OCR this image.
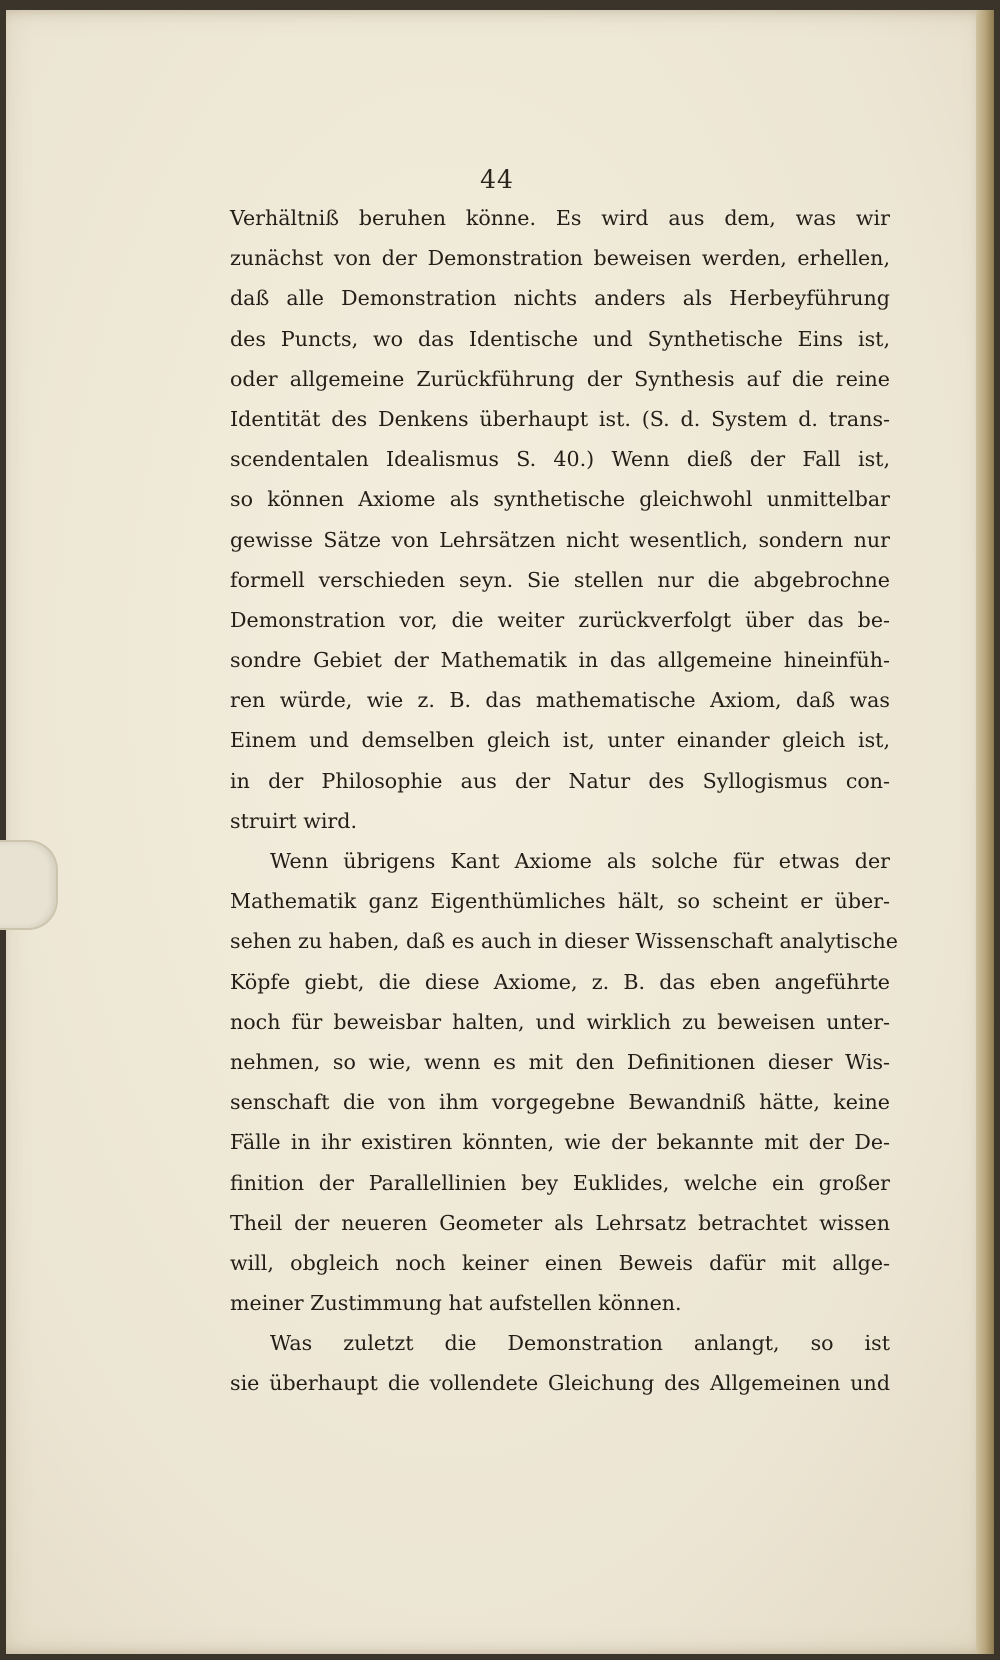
44
Verhältniß beruhen könne. Es wird aus dem, was wir
zunächst von der Demonstration beweisen werden, erhellen,
daß alle Demonstration nichts anders als Herbeyführung
des Puncts, wo das Identische und Synthetische Eins ist,
oder allgemeine Zurückführung der Synthesis auf die reine
Identität des Denkens überhaupt ist. (S. d. System d. trans-
scendentalen Idealismus S. 40.) Wenn dieß der Fall ist,
so können Axiome als synthetische gleichwohl unmittelbar
gewisse Sätze von Lehrsätzen nicht wesentlich, sondern nur
formell verschieden seyn. Sie stellen nur die abgebrochne
Demonstration vor, die weiter zurückverfolgt über das be-
sondre Gebiet der Mathematik in das allgemeine hineinfüh-
ren würde, wie z. B. das mathematische Axiom, daß was
Einem und demselben gleich ist, unter einander gleich ist,
in der Philosophie aus der Natur des Syllogismus con-
struirt wird.
Wenn übrigens Kant Axiome als solche für etwas der
Mathematik ganz Eigenthümliches hält, so scheint er über-
sehen zu haben, daß es auch in dieser Wissenschaft analytische
Köpfe giebt, die diese Axiome, z. B. das eben angeführte
noch für beweisbar halten, und wirklich zu beweisen unter-
nehmen, so wie, wenn es mit den Definitionen dieser Wis-
senschaft die von ihm vorgegebne Bewandniß hätte, keine
Fälle in ihr existiren könnten, wie der bekannte mit der De-
finition der Parallellinien bey Euklides, welche ein großer
Theil der neueren Geometer als Lehrsatz betrachtet wissen
will, obgleich noch keiner einen Beweis dafür mit allge-
meiner Zustimmung hat aufstellen können.
Was zuletzt die Demonstration anlangt, so ist
sie überhaupt die vollendete Gleichung des Allgemeinen und
